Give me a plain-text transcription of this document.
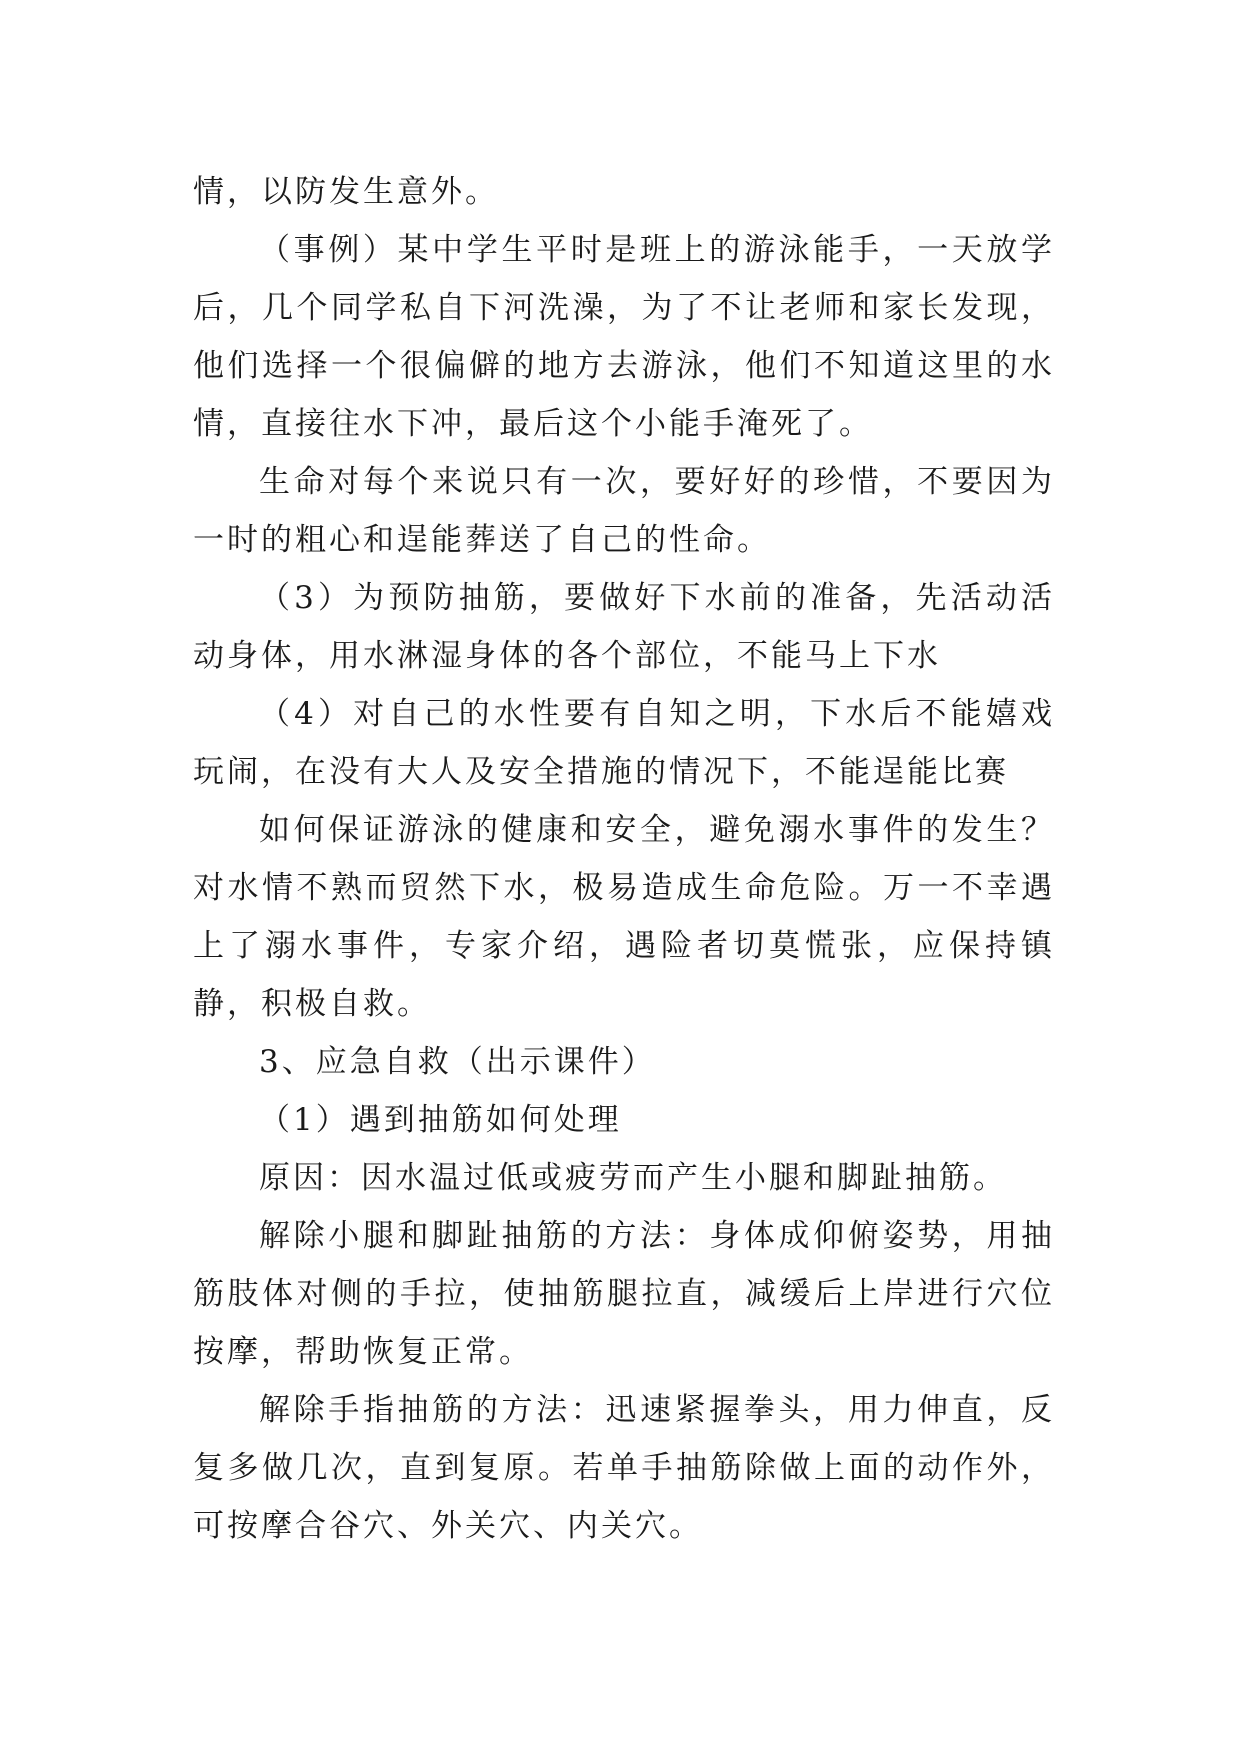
情，以防发生意外。

（事例）某中学生平时是班上的游泳能手，一天放学后，几个同学私自下河洗澡，为了不让老师和家长发现，他们选择一个很偏僻的地方去游泳，他们不知道这里的水情，直接往水下冲，最后这个小能手淹死了。

生命对每个来说只有一次，要好好的珍惜，不要因为一时的粗心和逞能葬送了自己的性命。

（3）为预防抽筋，要做好下水前的准备，先活动活动身体，用水淋湿身体的各个部位，不能马上下水

（4）对自己的水性要有自知之明，下水后不能嬉戏玩闹，在没有大人及安全措施的情况下，不能逞能比赛

如何保证游泳的健康和安全，避免溺水事件的发生？对水情不熟而贸然下水，极易造成生命危险。万一不幸遇上了溺水事件，专家介绍，遇险者切莫慌张，应保持镇静，积极自救。

3、应急自救（出示课件）

（1）遇到抽筋如何处理

原因：因水温过低或疲劳而产生小腿和脚趾抽筋。

解除小腿和脚趾抽筋的方法：身体成仰俯姿势，用抽筋肢体对侧的手拉，使抽筋腿拉直，减缓后上岸进行穴位按摩，帮助恢复正常。

解除手指抽筋的方法：迅速紧握拳头，用力伸直，反复多做几次，直到复原。若单手抽筋除做上面的动作外，可按摩合谷穴、外关穴、内关穴。
